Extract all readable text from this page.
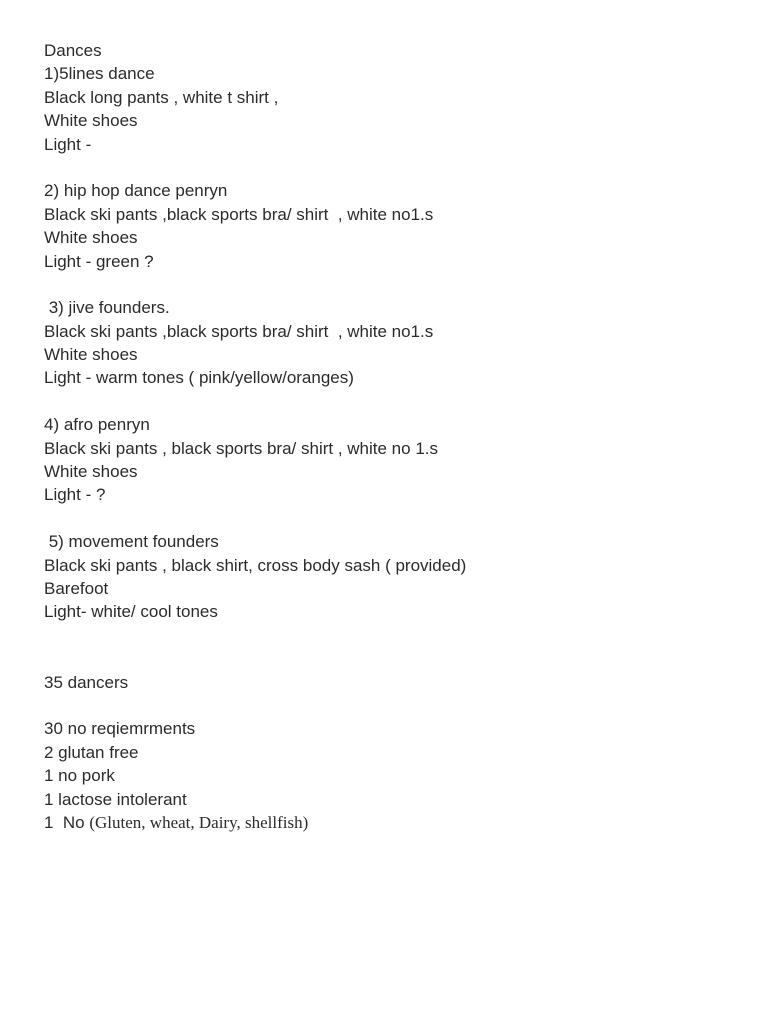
Dances
1)5lines dance
Black long pants , white t shirt ,
White shoes
Light -
2) hip hop dance penryn
Black ski pants ,black sports bra/ shirt  , white no1.s
White shoes
Light - green ?
3) jive founders.
Black ski pants ,black sports bra/ shirt  , white no1.s
White shoes
Light - warm tones ( pink/yellow/oranges)
4) afro penryn
Black ski pants , black sports bra/ shirt , white no 1.s
White shoes
Light - ?
5) movement founders
Black ski pants , black shirt, cross body sash ( provided)
Barefoot
Light- white/ cool tones
35 dancers
30 no reqiemrments
2 glutan free
1 no pork
1 lactose intolerant
1  No (Gluten, wheat, Dairy, shellfish)
